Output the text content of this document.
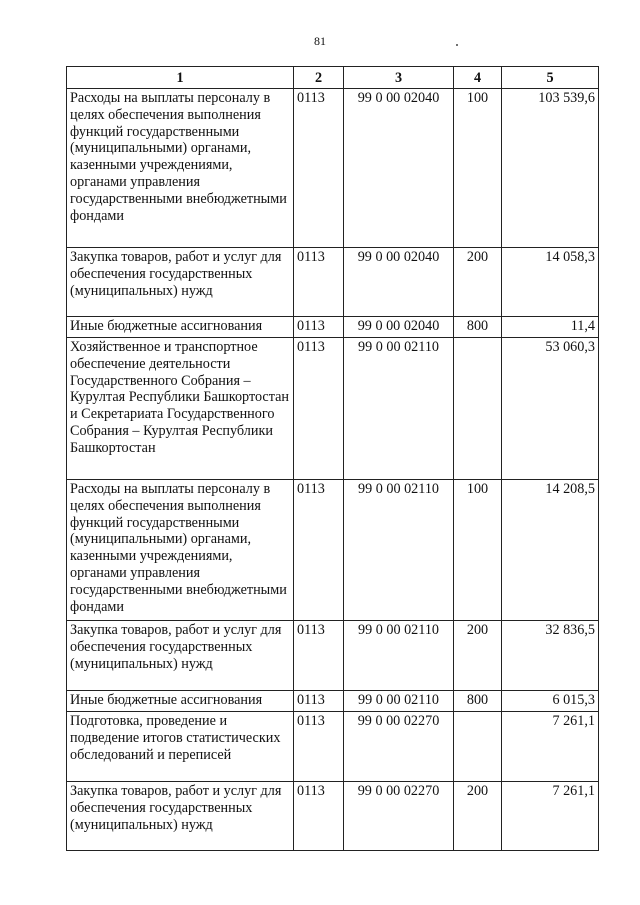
81
1	2	3	4	5
Расходы на выплаты персоналу в целях обеспечения выполнения функций государственными (муниципальными) органами, казенными учреждениями, органами управления государственными внебюджетными фондами	0113	99 0 00 02040	100	103 539,6
Закупка товаров, работ и услуг для обеспечения государственных (муниципальных) нужд	0113	99 0 00 02040	200	14 058,3
Иные бюджетные ассигнования	0113	99 0 00 02040	800	11,4
Хозяйственное и транспортное обеспечение деятельности Государственного Собрания – Курултая Республики Башкортостан и Секретариата Государственного Собрания – Курултая Республики Башкортостан	0113	99 0 00 02110		53 060,3
Расходы на выплаты персоналу в целях обеспечения выполнения функций государственными (муниципальными) органами, казенными учреждениями, органами управления государственными внебюджетными фондами	0113	99 0 00 02110	100	14 208,5
Закупка товаров, работ и услуг для обеспечения государственных (муниципальных) нужд	0113	99 0 00 02110	200	32 836,5
Иные бюджетные ассигнования	0113	99 0 00 02110	800	6 015,3
Подготовка, проведение и подведение итогов статистических обследований и переписей	0113	99 0 00 02270		7 261,1
Закупка товаров, работ и услуг для обеспечения государственных (муниципальных) нужд	0113	99 0 00 02270	200	7 261,1
